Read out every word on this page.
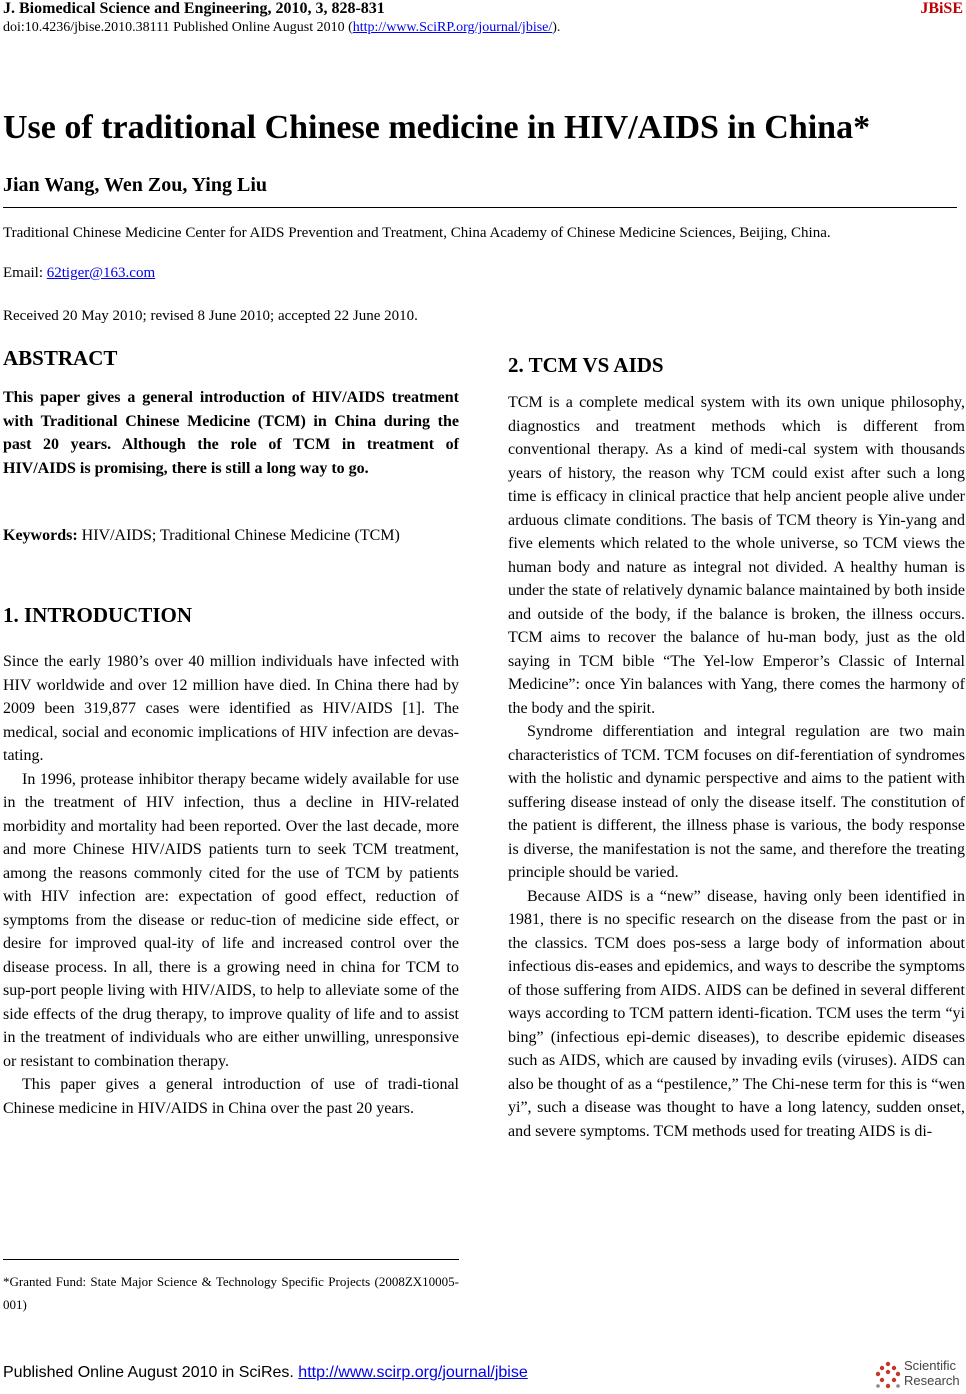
J. Biomedical Science and Engineering, 2010, 3, 828-831	JBiSE
doi:10.4236/jbise.2010.38111 Published Online August 2010 (http://www.SciRP.org/journal/jbise/).
Use of traditional Chinese medicine in HIV/AIDS in China*
Jian Wang, Wen Zou, Ying Liu
Traditional Chinese Medicine Center for AIDS Prevention and Treatment, China Academy of Chinese Medicine Sciences, Beijing, China.
Email: 62tiger@163.com
Received 20 May 2010; revised 8 June 2010; accepted 22 June 2010.
ABSTRACT
This paper gives a general introduction of HIV/AIDS treatment with Traditional Chinese Medicine (TCM) in China during the past 20 years. Although the role of TCM in treatment of HIV/AIDS is promising, there is still a long way to go.
Keywords: HIV/AIDS; Traditional Chinese Medicine (TCM)
1. INTRODUCTION

Since the early 1980’s over 40 million individuals have infected with HIV worldwide and over 12 million have died. In China there had by 2009 been 319,877 cases were identified as HIV/AIDS [1]. The medical, social and economic implications of HIV infection are devas-tating.

In 1996, protease inhibitor therapy became widely available for use in the treatment of HIV infection, thus a decline in HIV-related morbidity and mortality had been reported. Over the last decade, more and more Chinese HIV/AIDS patients turn to seek TCM treatment, among the reasons commonly cited for the use of TCM by patients with HIV infection are: expectation of good effect, reduction of symptoms from the disease or reduc-tion of medicine side effect, or desire for improved qual-ity of life and increased control over the disease process. In all, there is a growing need in china for TCM to sup-port people living with HIV/AIDS, to help to alleviate some of the side effects of the drug therapy, to improve quality of life and to assist in the treatment of individuals who are either unwilling, unresponsive or resistant to combination therapy.

This paper gives a general introduction of use of tradi-tional Chinese medicine in HIV/AIDS in China over the past 20 years.

*Granted Fund: State Major Science & Technology Specific Projects (2008ZX10005-001)
2. TCM VS AIDS

TCM is a complete medical system with its own unique philosophy, diagnostics and treatment methods which is different from conventional therapy. As a kind of medi-cal system with thousands years of history, the reason why TCM could exist after such a long time is efficacy in clinical practice that help ancient people alive under arduous climate conditions. The basis of TCM theory is Yin-yang and five elements which related to the whole universe, so TCM views the human body and nature as integral not divided. A healthy human is under the state of relatively dynamic balance maintained by both inside and outside of the body, if the balance is broken, the illness occurs. TCM aims to recover the balance of hu-man body, just as the old saying in TCM bible “The Yel-low Emperor’s Classic of Internal Medicine”: once Yin balances with Yang, there comes the harmony of the body and the spirit.

Syndrome differentiation and integral regulation are two main characteristics of TCM. TCM focuses on dif-ferentiation of syndromes with the holistic and dynamic perspective and aims to the patient with suffering disease instead of only the disease itself. The constitution of the patient is different, the illness phase is various, the body response is diverse, the manifestation is not the same, and therefore the treating principle should be varied.

Because AIDS is a “new” disease, having only been identified in 1981, there is no specific research on the disease from the past or in the classics. TCM does pos-sess a large body of information about infectious dis-eases and epidemics, and ways to describe the symptoms of those suffering from AIDS. AIDS can be defined in several different ways according to TCM pattern identi-fication. TCM uses the term “yi bing” (infectious epi-demic diseases), to describe epidemic diseases such as AIDS, which are caused by invading evils (viruses). AIDS can also be thought of as a “pestilence,” The Chi-nese term for this is “wen yi”, such a disease was thought to have a long latency, sudden onset, and severe symptoms. TCM methods used for treating AIDS is di-

Published Online August 2010 in SciRes. http://www.scirp.org/journal/jbise	Scientific
Research
